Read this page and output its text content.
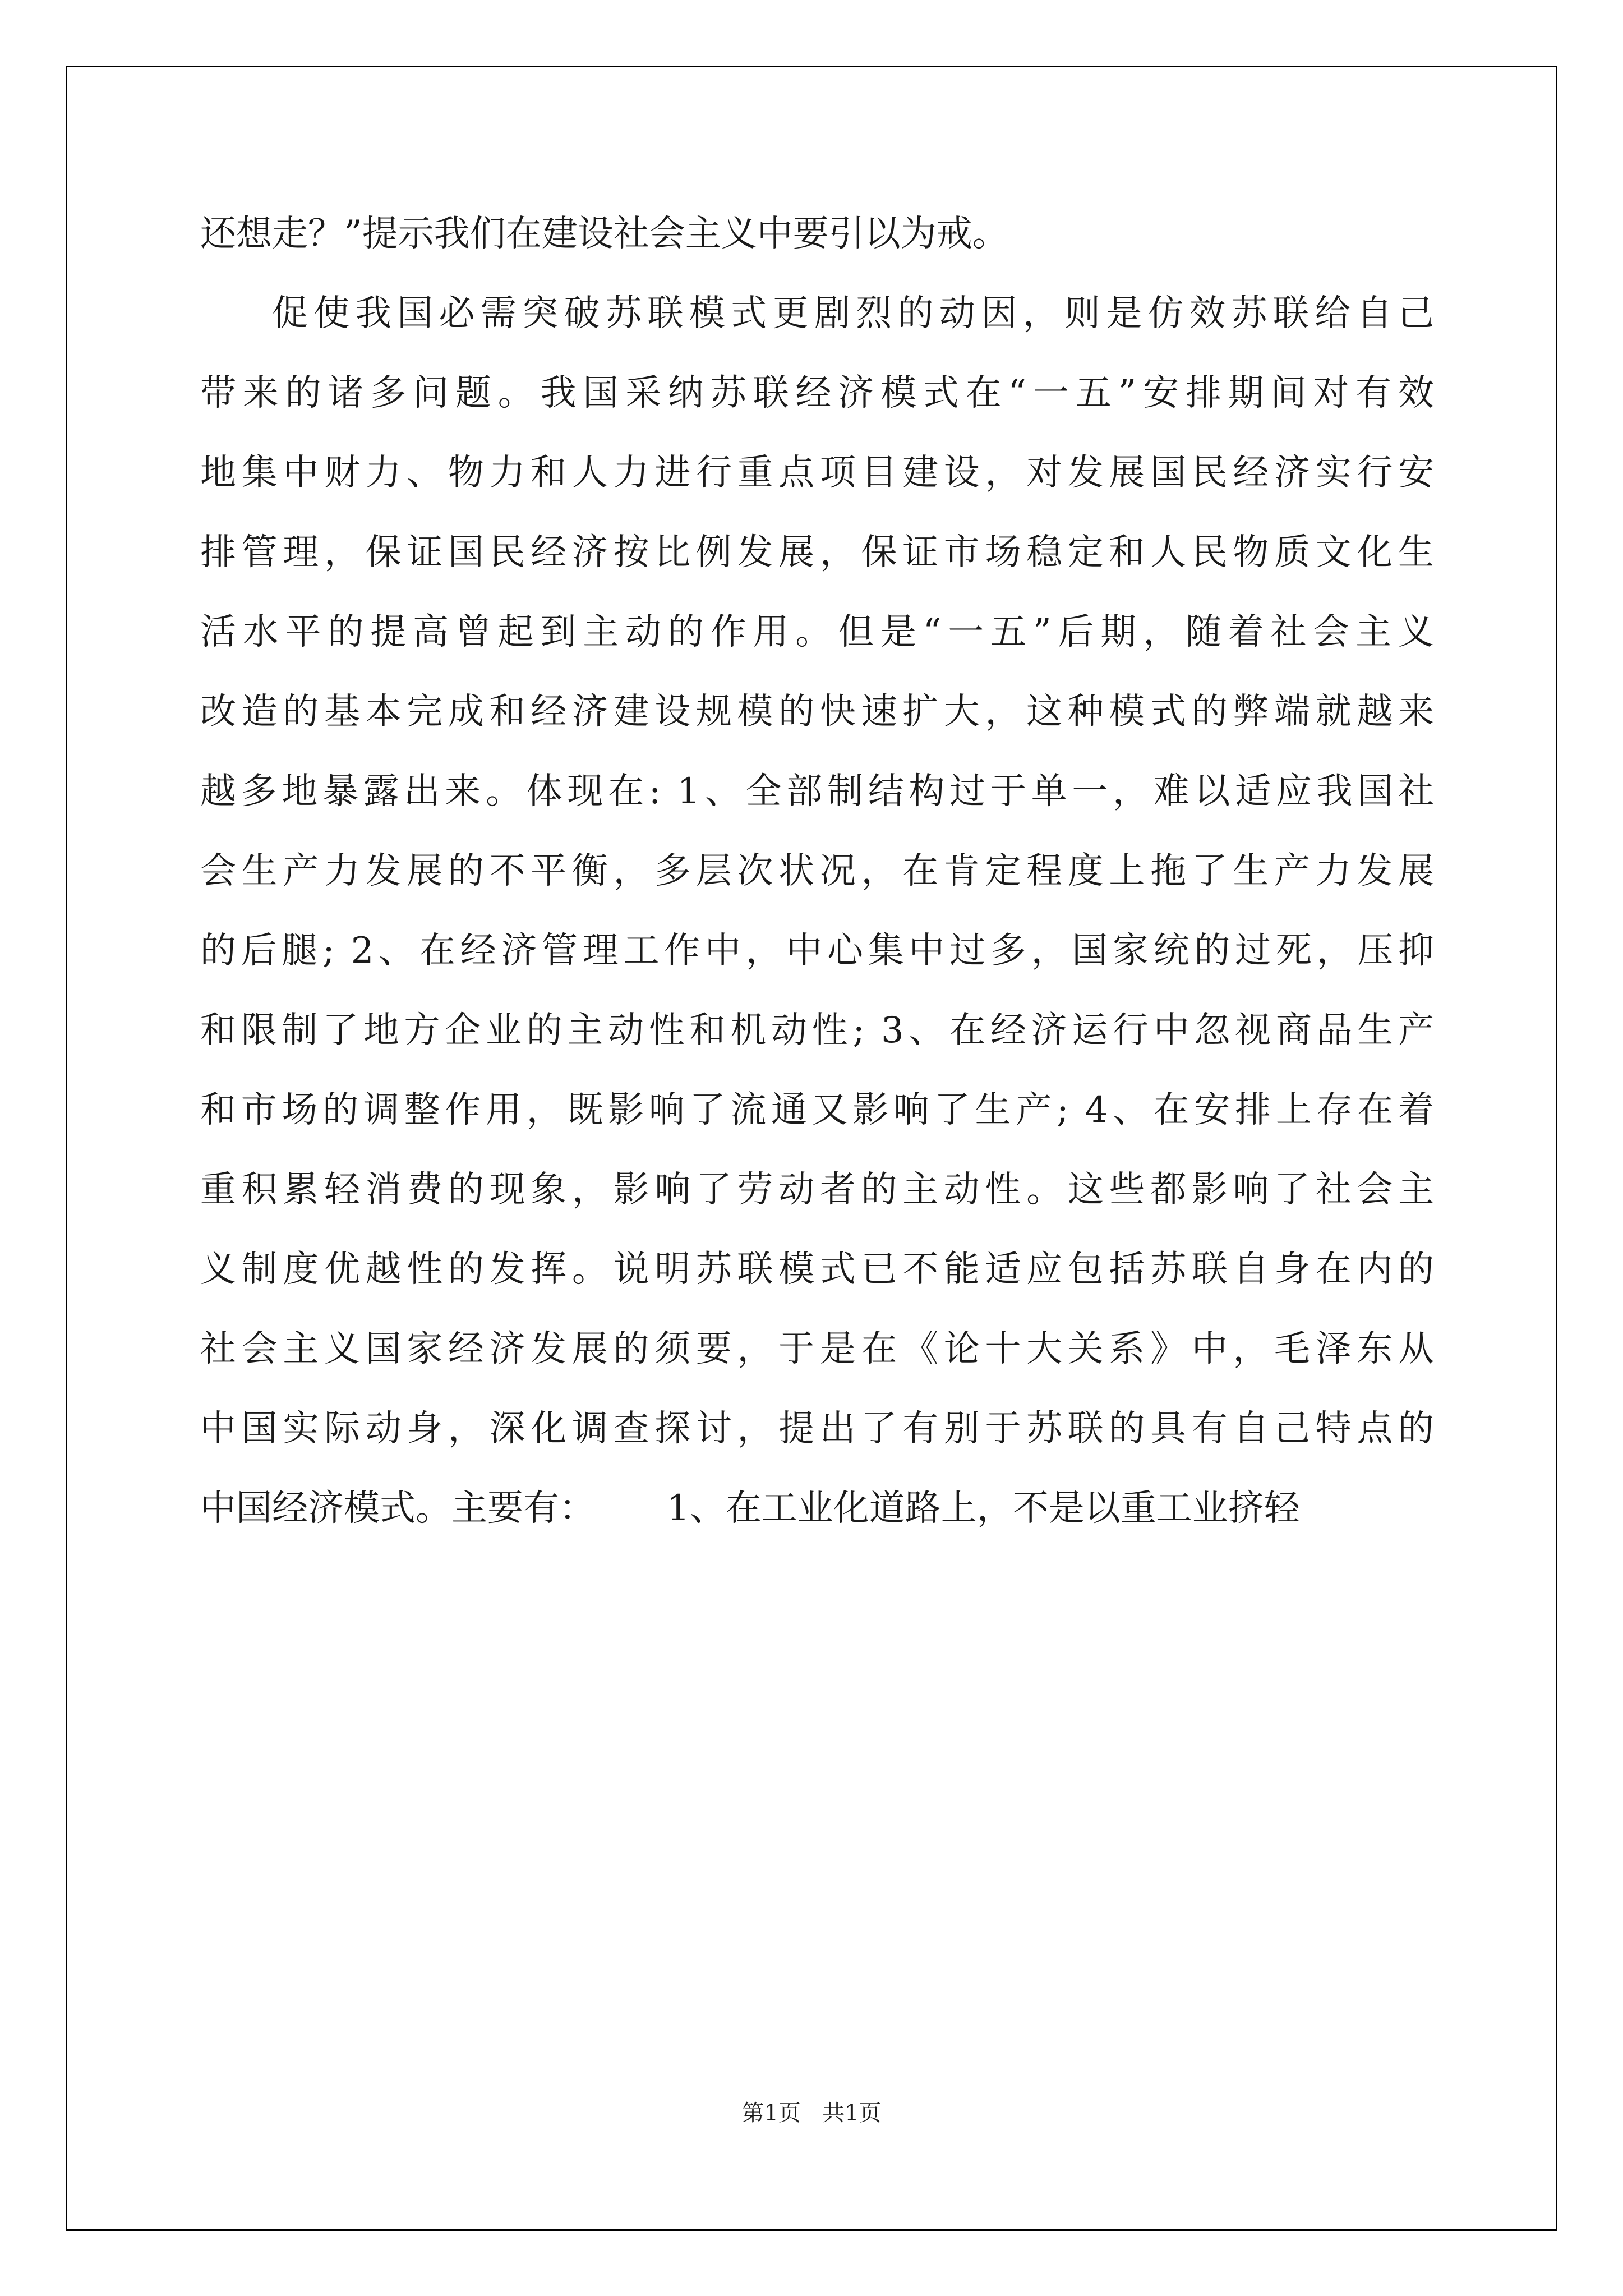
还想走？”提示我们在建设社会主义中要引以为戒。
促使我国必需突破苏联模式更剧烈的动因，则是仿效苏联给自己
带来的诸多问题。我国采纳苏联经济模式在“一五”安排期间对有效
地集中财力、物力和人力进行重点项目建设，对发展国民经济实行安
排管理，保证国民经济按比例发展，保证市场稳定和人民物质文化生
活水平的提高曾起到主动的作用。但是“一五”后期，随着社会主义
改造的基本完成和经济建设规模的快速扩大，这种模式的弊端就越来
越多地暴露出来。体现在: 1、全部制结构过于单一，难以适应我国社
会生产力发展的不平衡，多层次状况，在肯定程度上拖了生产力发展
的后腿; 2、在经济管理工作中，中心集中过多，国家统的过死，压抑
和限制了地方企业的主动性和机动性; 3、在经济运行中忽视商品生产
和市场的调整作用，既影响了流通又影响了生产; 4、在安排上存在着
重积累轻消费的现象，影响了劳动者的主动性。这些都影响了社会主
义制度优越性的发挥。说明苏联模式已不能适应包括苏联自身在内的
社会主义国家经济发展的须要，于是在《论十大关系》中，毛泽东从
中国实际动身，深化调查探讨，提出了有别于苏联的具有自己特点的
中国经济模式。主要有： 1、在工业化道路上，不是以重工业挤轻
第1页 共1页
